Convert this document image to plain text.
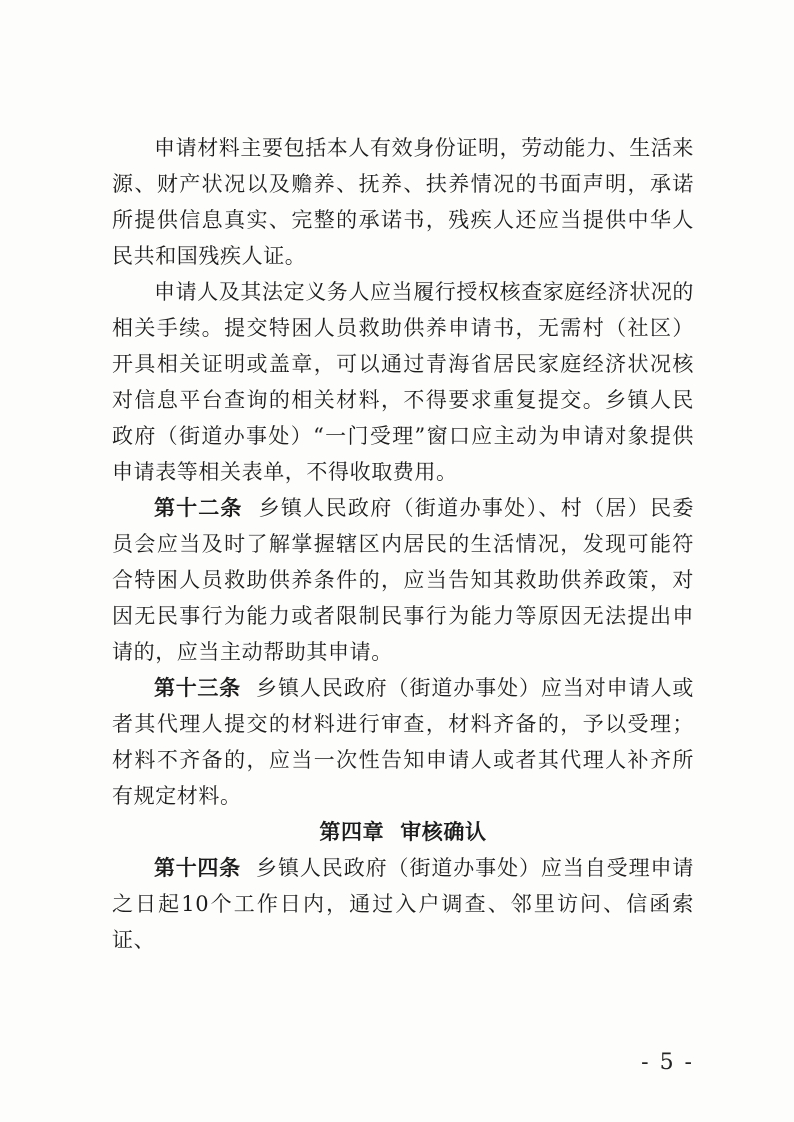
申请材料主要包括本人有效身份证明，劳动能力、生活来源、财产状况以及赡养、抚养、扶养情况的书面声明，承诺所提供信息真实、完整的承诺书，残疾人还应当提供中华人民共和国残疾人证。

申请人及其法定义务人应当履行授权核查家庭经济状况的相关手续。提交特困人员救助供养申请书，无需村（社区）开具相关证明或盖章，可以通过青海省居民家庭经济状况核对信息平台查询的相关材料，不得要求重复提交。乡镇人民政府（街道办事处）“一门受理”窗口应主动为申请对象提供申请表等相关表单，不得收取费用。

第十二条 乡镇人民政府（街道办事处）、村（居）民委员会应当及时了解掌握辖区内居民的生活情况，发现可能符合特困人员救助供养条件的，应当告知其救助供养政策，对因无民事行为能力或者限制民事行为能力等原因无法提出申请的，应当主动帮助其申请。

第十三条 乡镇人民政府（街道办事处）应当对申请人或者其代理人提交的材料进行审查，材料齐备的，予以受理；材料不齐备的，应当一次性告知申请人或者其代理人补齐所有规定材料。

第四章 审核确认

第十四条 乡镇人民政府（街道办事处）应当自受理申请之日起10个工作日内，通过入户调查、邻里访问、信函索证、

- 5 -
